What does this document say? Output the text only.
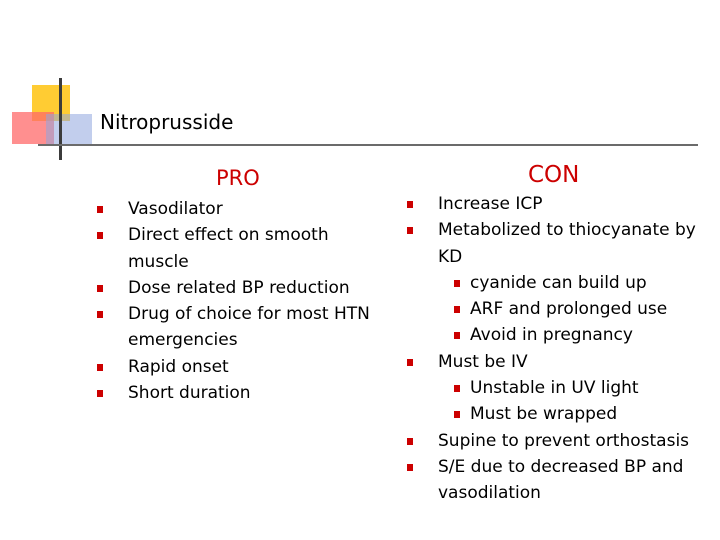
Nitroprusside
PRO	CON
Vasodilator
Direct effect on smooth muscle
Dose related BP reduction
Drug of choice for most HTN emergencies
Rapid onset
Short duration
Increase ICP
Metabolized to thiocyanate by KD
cyanide can build up
ARF and prolonged use
Avoid in pregnancy
Must be IV
Unstable in UV light
Must be wrapped
Supine to prevent orthostasis
S/E due to decreased BP and vasodilation
